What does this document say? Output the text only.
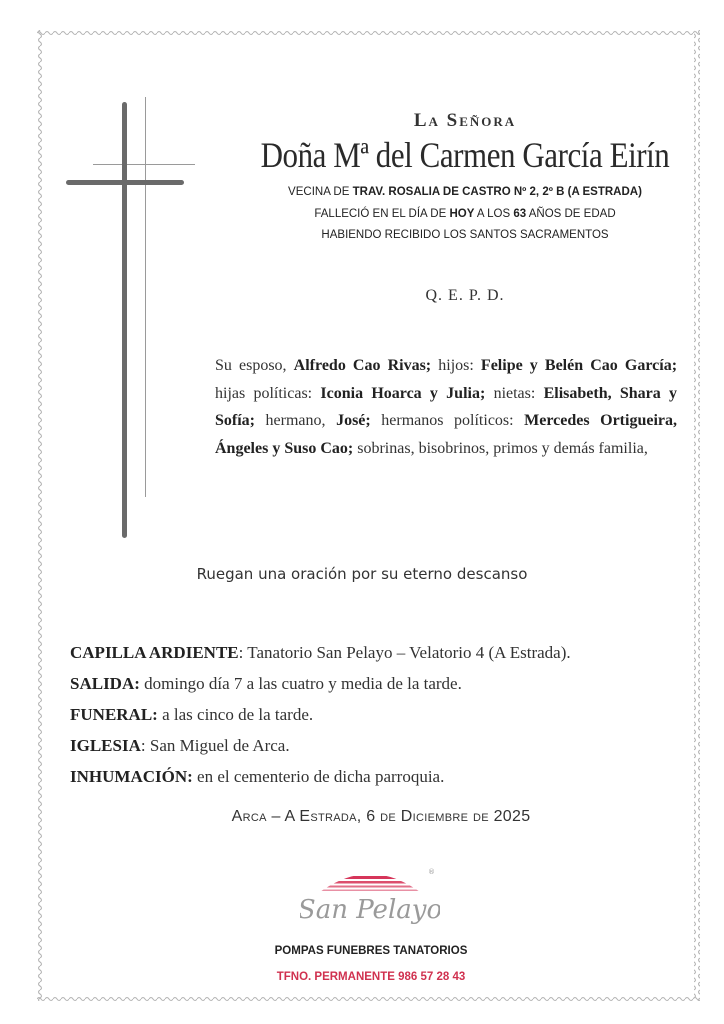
La Señora
Doña Mª del Carmen García Eirín
VECINA DE TRAV. ROSALIA DE CASTRO Nº 2, 2º B (A ESTRADA)
FALLECIÓ EN EL DÍA DE HOY A LOS 63 AÑOS DE EDAD
HABIENDO RECIBIDO LOS SANTOS SACRAMENTOS
Q. E. P. D.
Su esposo, Alfredo Cao Rivas; hijos: Felipe y Belén Cao García; hijas políticas: Iconia Hoarca y Julia; nietas: Elisabeth, Shara y Sofía; hermano, José; hermanos políticos: Mercedes Ortigueira, Ángeles y Suso Cao; sobrinas, bisobrinos, primos y demás familia,
Ruegan una oración por su eterno descanso
CAPILLA ARDIENTE: Tanatorio San Pelayo – Velatorio 4 (A Estrada).
SALIDA: domingo día 7 a las cuatro y media de la tarde.
FUNERAL: a las cinco de la tarde.
IGLESIA: San Miguel de Arca.
INHUMACIÓN: en el cementerio de dicha parroquia.
Arca – A Estrada, 6 de Diciembre de 2025
®
San Pelayo
POMPAS FUNEBRES TANATORIOS
TFNO. PERMANENTE 986 57 28 43
